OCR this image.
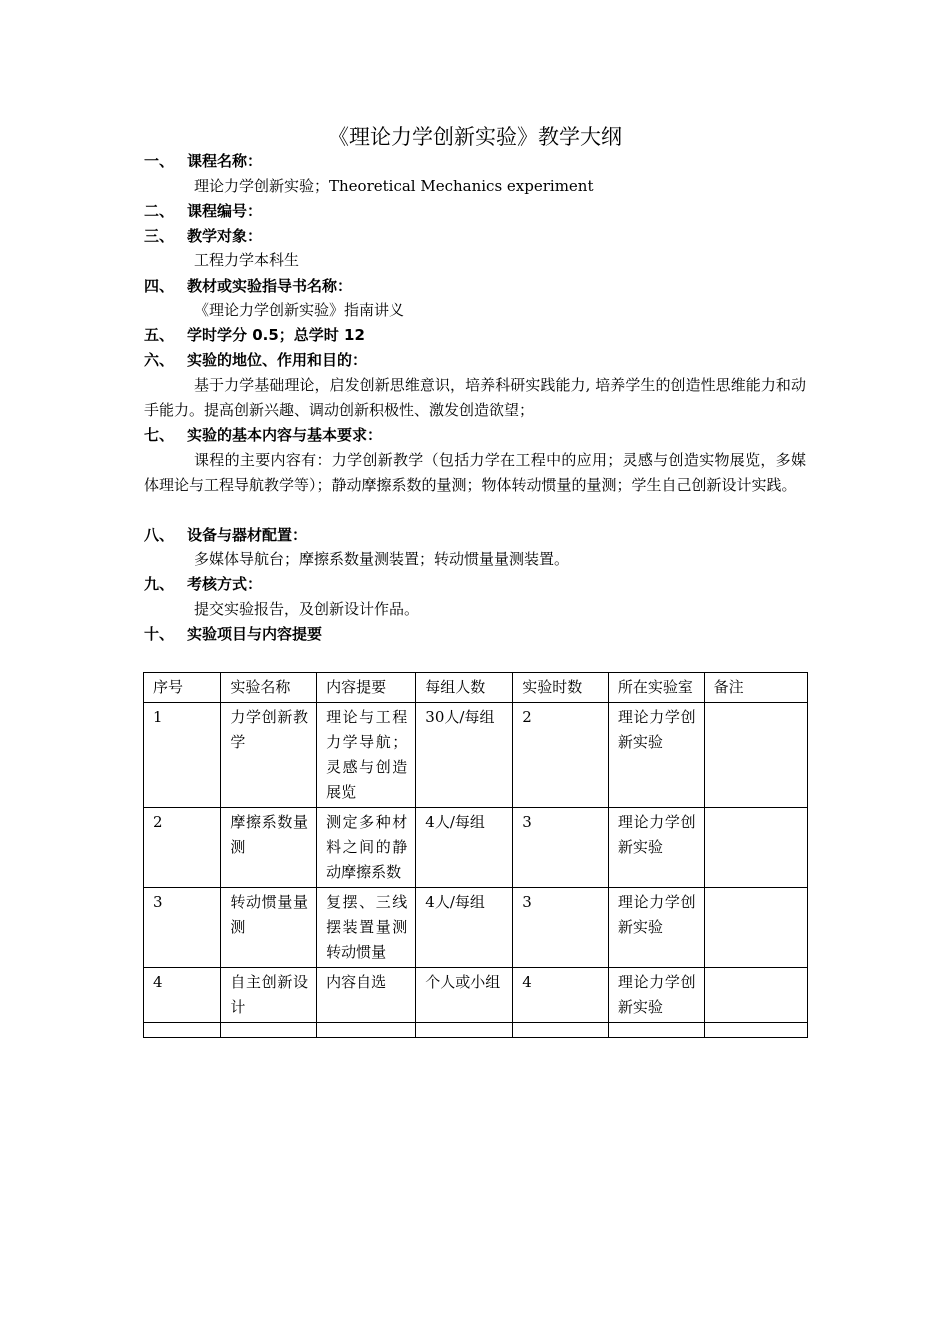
《理论力学创新实验》教学大纲
一、 课程名称：
理论力学创新实验；Theoretical Mechanics experiment
二、 课程编号：
三、 教学对象：
工程力学本科生
四、 教材或实验指导书名称：
《理论力学创新实验》指南讲义
五、 学时学分 0.5；总学时 12
六、 实验的地位、作用和目的：
基于力学基础理论，启发创新思维意识，培养科研实践能力, 培养学生的创造性思维能力和动手能力。提高创新兴趣、调动创新积极性、激发创造欲望；
七、 实验的基本内容与基本要求：
课程的主要内容有：力学创新教学（包括力学在工程中的应用；灵感与创造实物展览，多媒体理论与工程导航教学等）；静动摩擦系数的量测；物体转动惯量的量测；学生自己创新设计实践。
八、 设备与器材配置：
多媒体导航台；摩擦系数量测装置；转动惯量量测装置。
九、 考核方式：
提交实验报告，及创新设计作品。
十、 实验项目与内容提要
序号	实验名称	内容提要	每组人数	实验时数	所在实验室	备注
1	力学创新教学	理论与工程力学导航；灵感与创造展览	30人/每组	2	理论力学创新实验	
2	摩擦系数量测	测定多种材料之间的静动摩擦系数	4人/每组	3	理论力学创新实验	
3	转动惯量量测	复摆、三线摆装置量测转动惯量	4人/每组	3	理论力学创新实验	
4	自主创新设计	内容自选	个人或小组	4	理论力学创新实验	
